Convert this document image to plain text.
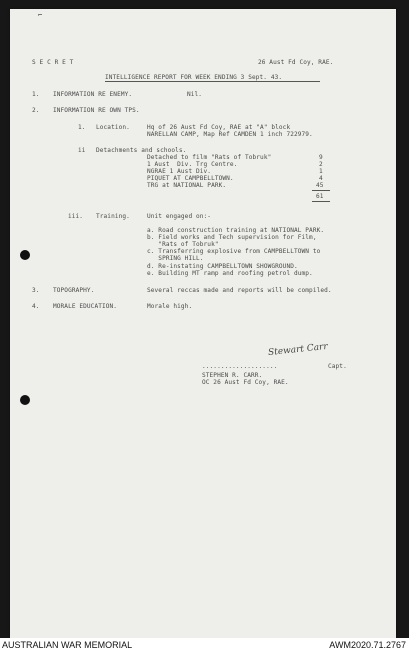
⌐
S E C R E T	26 Aust Fd Coy, RAE.
INTELLIGENCE REPORT FOR WEEK ENDING 3 Sept. 43.
1. INFORMATION RE ENEMY.	Nil.
2. INFORMATION RE OWN TPS.
1. Location.	Hq of 26 Aust Fd Coy, RAE at "A" block
NARELLAN CAMP, Map Ref CAMDEN 1 inch 722979.
ii Detachments and schools.
Detached to film "Rats of Tobruk"	9
1 Aust  Div. Trg Centre.	2
NGRAE 1 Aust Div.	1
PIQUET AT CAMPBELLTOWN.	4
TRG at NATIONAL PARK.	45
61
iii. Training.	Unit engaged on:-
a. Road construction training at NATIONAL PARK.
b. Field works and Tech supervision for Film,
"Rats of Tobruk"
c. Transferring explosive from CAMPBELLTOWN to
SPRING HILL.
d. Re-instating CAMPBELLTOWN SHOWGROUND.
e. Building MT ramp and roofing petrol dump.
3. TOPOGRAPHY.	Several reccas made and reports will be compiled.
4. MORALE EDUCATION.	Morale high.
Stewart Carr
....................	Capt.
STEPHEN R. CARR.
OC 26 Aust Fd Coy, RAE.
AUSTRALIAN WAR MEMORIAL	AWM2020.71.2767
